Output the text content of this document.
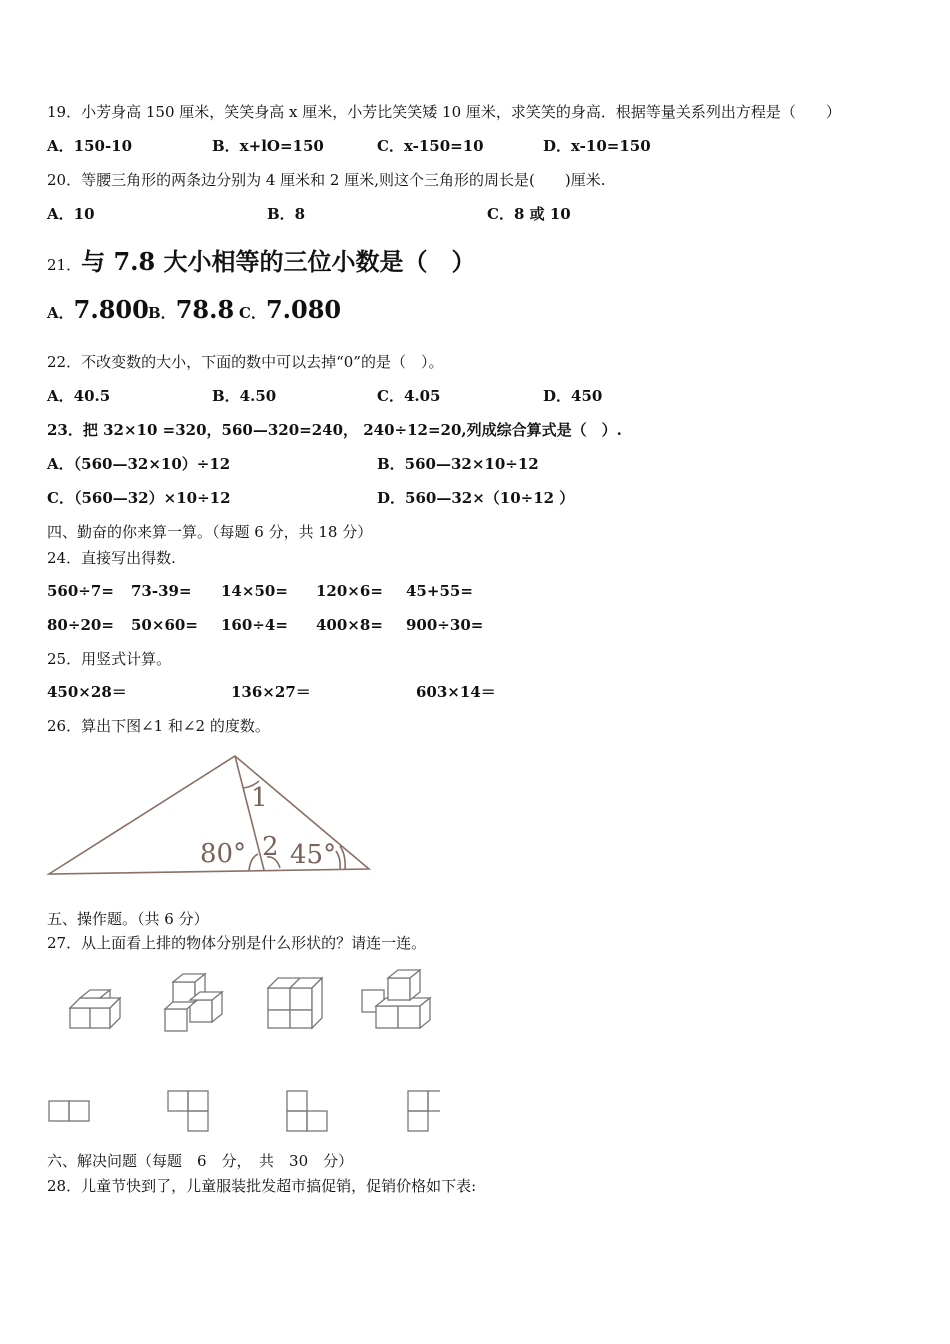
19．小芳身高 150 厘米，笑笑身高 x 厘米，小芳比笑笑矮 10 厘米，求笑笑的身高．根据等量关系列出方程是（　　）
A．150-10	B．x+lO=150	C．x-150=10	D．x-10=150
20．等腰三角形的两条边分别为 4 厘米和 2 厘米,则这个三角形的周长是(　　)厘米.
A．10	B．8	C．8 或 10
21．与 7.8 大小相等的三位小数是（　）
A．7.800 B．78.8 C．7.080
22．不改变数的大小，下面的数中可以去掉“0”的是（　）。
A．40.5	B．4.50	C．4.05	D．450
23．把 32×10 =320，560—320=240， 240÷12=20,列成综合算式是（　）.
A．（560—32×10）÷12	B．560—32×10÷12
C．（560—32）×10÷12	D．560—32×（10÷12 ）
四、勤奋的你来算一算。（每题 6 分，共 18 分）
24．直接写出得数.
560÷7= 73-39= 14×50= 120×6= 45+55=
80÷20= 50×60= 160÷4= 400×8= 900÷30=
25．用竖式计算。
450×28＝	136×27＝	603×14＝
26．算出下图∠1 和∠2 的度数。
1
80° 2 45°
五、操作题。（共 6 分）
27．从上面看上排的物体分别是什么形状的？请连一连。
六、解决问题（每题　6　分，　共　30　分）
28．儿童节快到了，儿童服装批发超市搞促销，促销价格如下表:
